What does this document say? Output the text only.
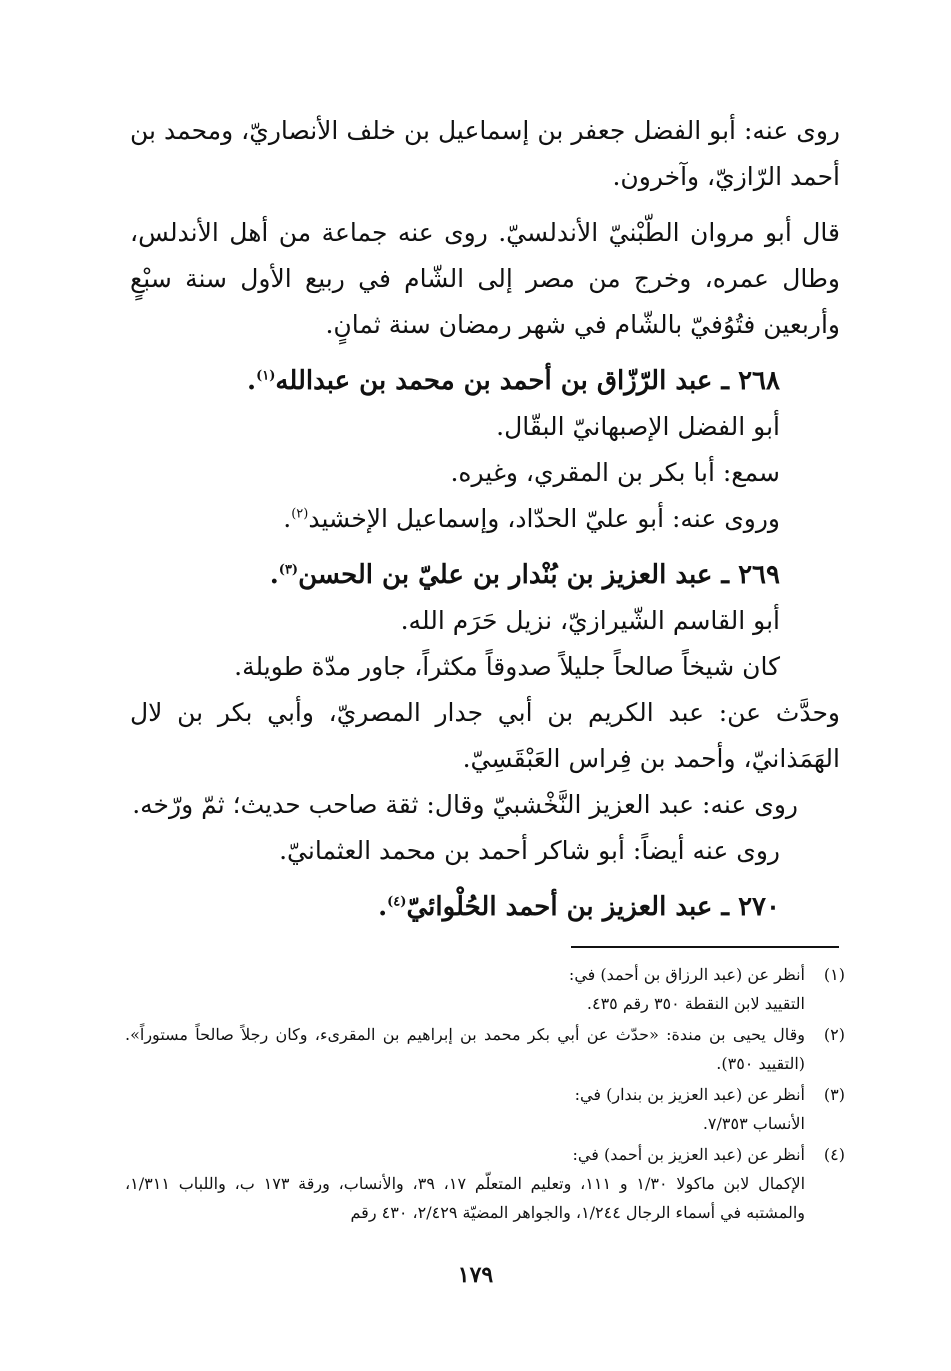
روى عنه: أبو الفضل جعفر بن إسماعيل بن خلف الأنصاريّ، ومحمد بن أحمد الرّازيّ، وآخرون.

قال أبو مروان الطّبْنيّ الأندلسيّ. روى عنه جماعة من أهل الأندلس، وطال عمره، وخرج من مصر إلى الشّام في ربيع الأول سنة سبْعٍ وأربعين فتُوُفيّ بالشّام في شهر رمضان سنة ثمانٍ.

٢٦٨ ـ عبد الرّزّاق بن أحمد بن محمد بن عبدالله$^{(١)}$.
أبو الفضل الإصبهانيّ البقّال.
سمع: أبا بكر بن المقري، وغيره.
وروى عنه: أبو عليّ الحدّاد، وإسماعيل الإخشيد$^{(٢)}$.
٢٦٩ ـ عبد العزيز بن بُنْدار بن عليّ بن الحسن$^{(٣)}$.
أبو القاسم الشّيرازيّ، نزيل حَرَم الله.
كان شيخاً صالحاً جليلاً صدوقاً مكثراً، جاور مدّة طويلة.
وحدَّث عن: عبد الكريم بن أبي جدار المصريّ، وأبي بكر بن لال الهَمَذانيّ، وأحمد بن فِراس العَبْقَسِيّ.
روى عنه: عبد العزيز النَّخْشبيّ وقال: ثقة صاحب حديث؛ ثمّ ورّخه.
روى عنه أيضاً: أبو شاكر أحمد بن محمد العثمانيّ.
٢٧٠ ـ عبد العزيز بن أحمد الحُلْوائيّ$^{(٤)}$.
(١)
أنظر عن (عبد الرزاق بن أحمد) في:
التقييد لابن النقطة ٣٥٠ رقم ٤٣٥.
(٢)
وقال يحيى بن مندة: «حدّث عن أبي بكر محمد بن إبراهيم بن المقرىء، وكان رجلاً صالحاً مستوراً». (التقييد ٣٥٠).
(٣)
أنظر عن (عبد العزيز بن بندار) في:
الأنساب ٧/٣٥٣.
(٤)
أنظر عن (عبد العزيز بن أحمد) في:
الإكمال لابن ماكولا ١/٣٠ و ١١١، وتعليم المتعلّم ١٧، ٣٩، والأنساب، ورقة ١٧٣ ب، واللباب ١/٣١١، والمشتبه في أسماء الرجال ١/٢٤٤، والجواهر المضيّة ٢/٤٢٩، ٤٣٠ رقم
١٧٩
